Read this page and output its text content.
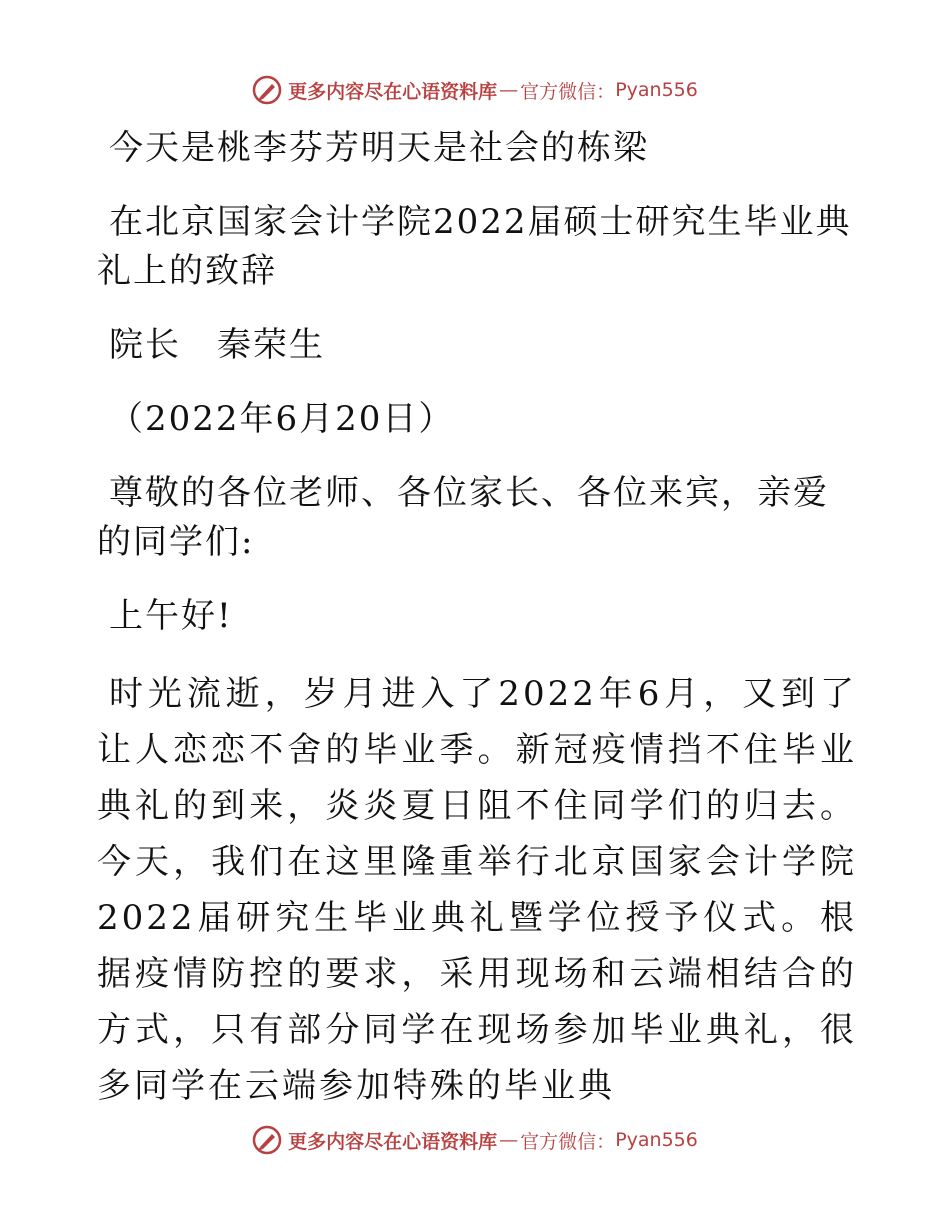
更多内容尽在心语资料库 — 官方微信： Pyan556

今天是桃李芬芳明天是社会的栋梁

在北京国家会计学院2022届硕士研究生毕业典礼上的致辞

院长　秦荣生

（2022年6月20日）

尊敬的各位老师、各位家长、各位来宾，亲爱的同学们:

上午好!

时光流逝，岁月进入了2022年6月，又到了让人恋恋不舍的毕业季。新冠疫情挡不住毕业典礼的到来，炎炎夏日阻不住同学们的归去。今天，我们在这里隆重举行北京国家会计学院2022届研究生毕业典礼暨学位授予仪式。根据疫情防控的要求，采用现场和云端相结合的方式，只有部分同学在现场参加毕业典礼，很多同学在云端参加特殊的毕业典

更多内容尽在心语资料库 — 官方微信： Pyan556
